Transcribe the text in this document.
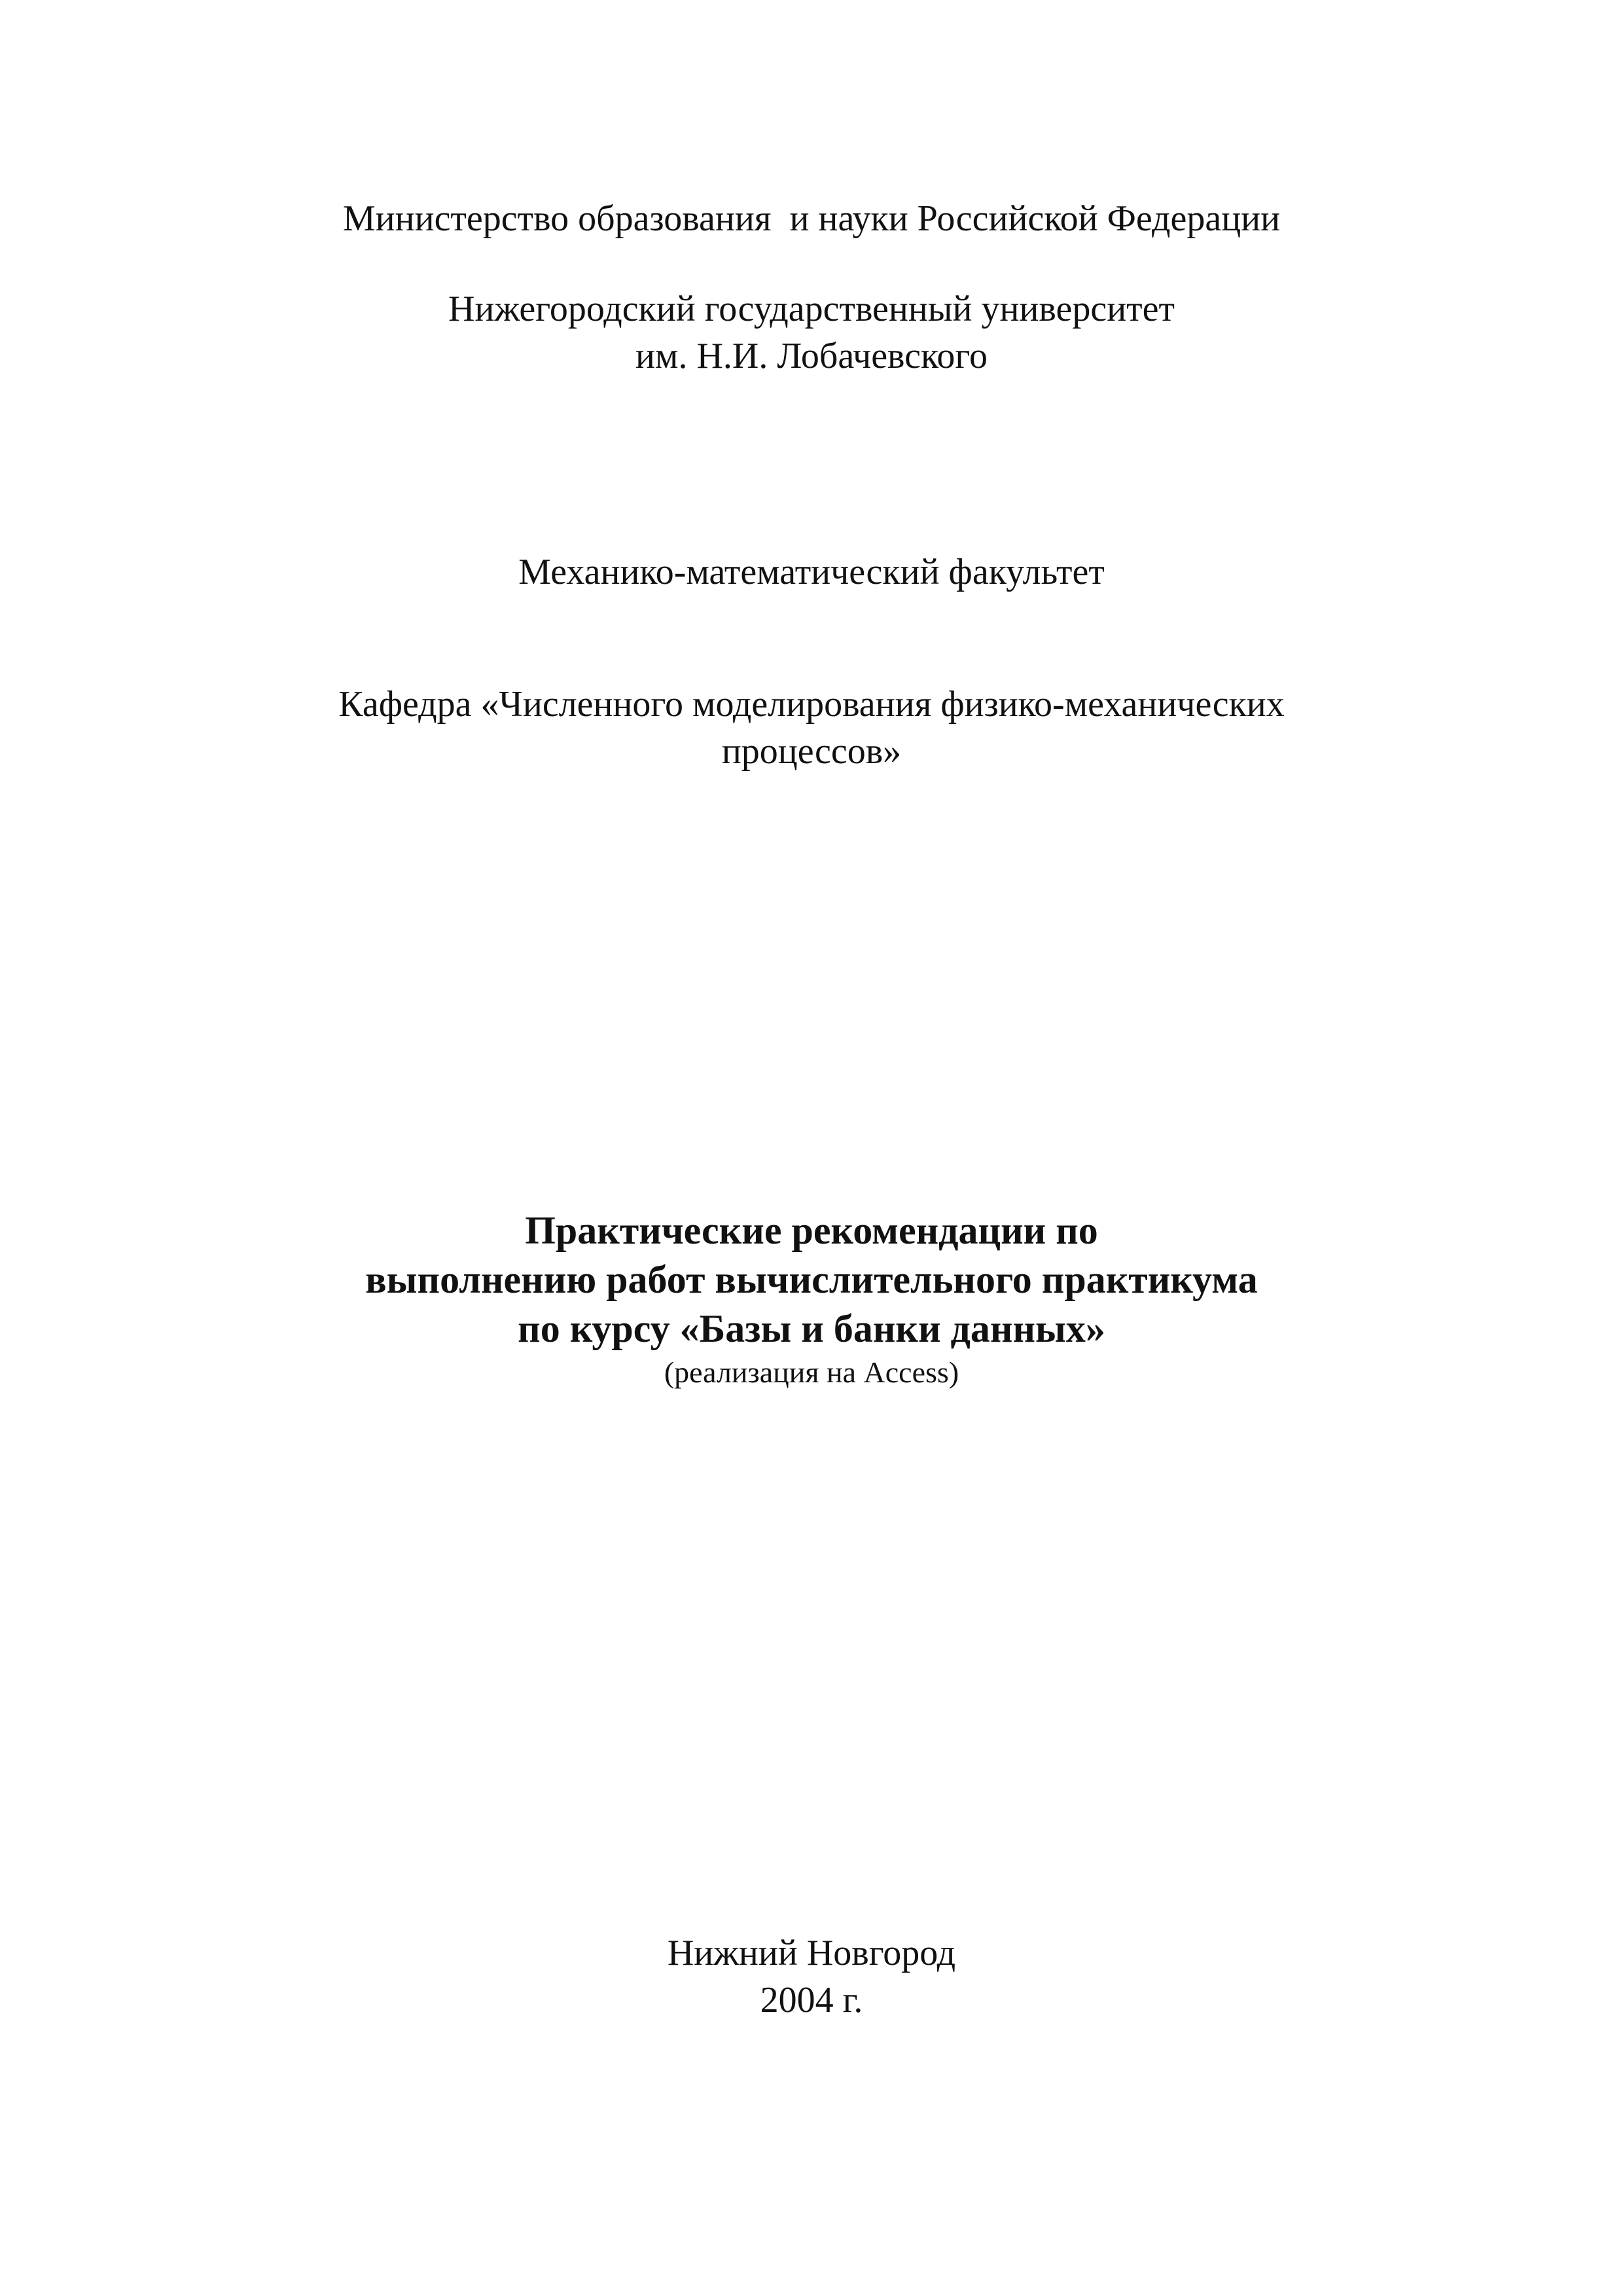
Министерство образования  и науки Российской Федерации
Нижегородский государственный университет
им. Н.И. Лобачевского
Механико-математический факультет
Кафедра «Численного моделирования физико-механических
процессов»
Практические рекомендации по
выполнению работ вычислительного практикума
по курсу «Базы и банки данных»
(реализация на Access)
Нижний Новгород
2004 г.
